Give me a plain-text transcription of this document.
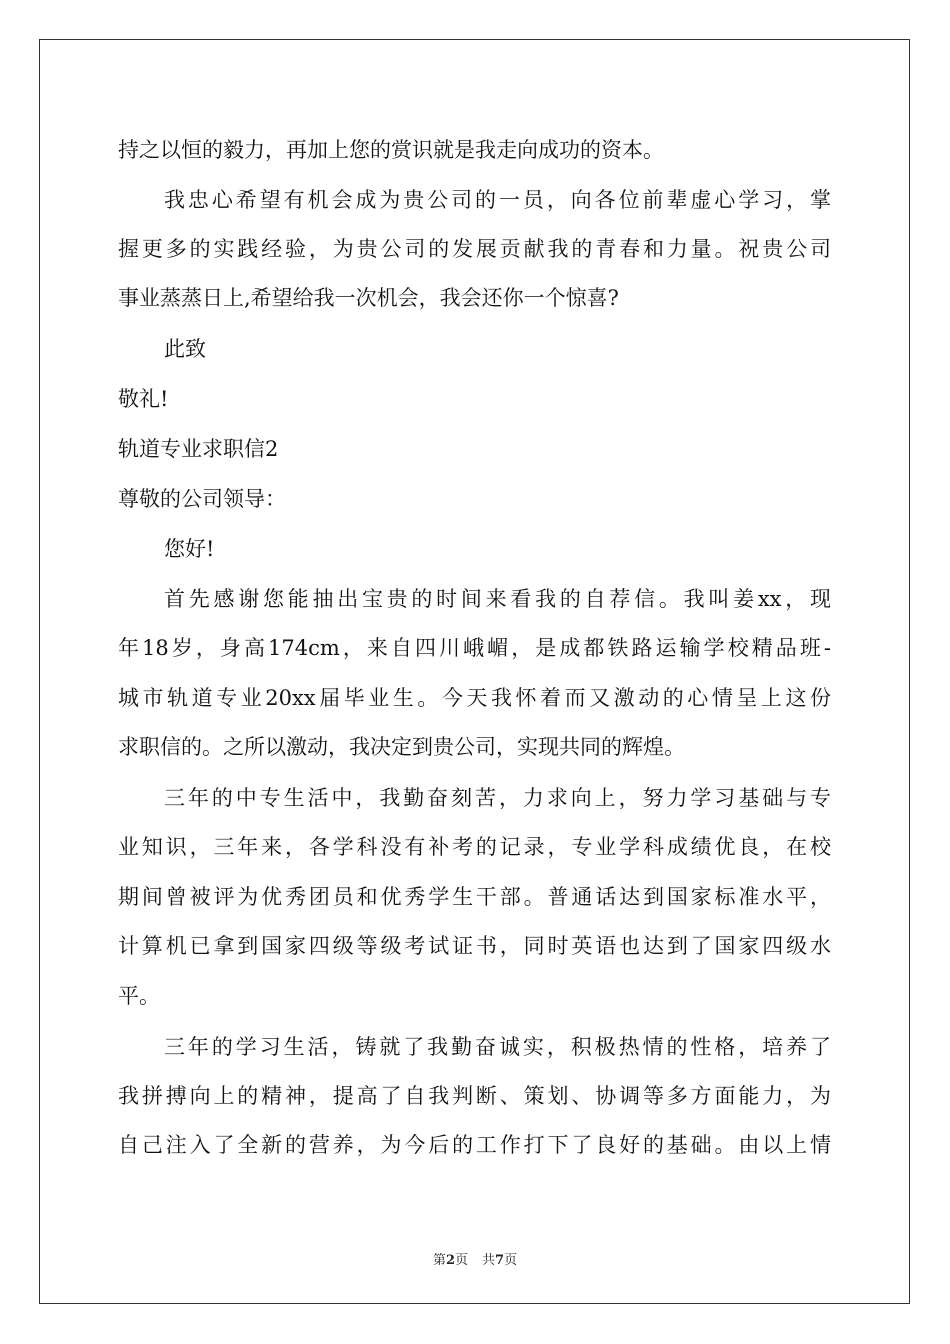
持之以恒的毅力，再加上您的赏识就是我走向成功的资本。
我忠心希望有机会成为贵公司的一员，向各位前辈虚心学习，掌
握更多的实践经验，为贵公司的发展贡献我的青春和力量。祝贵公司
事业蒸蒸日上,希望给我一次机会，我会还你一个惊喜?
此致
敬礼!
轨道专业求职信2
尊敬的公司领导：
您好!
首先感谢您能抽出宝贵的时间来看我的自荐信。我叫姜xx，现
年18岁，身高174cm，来自四川峨嵋，是成都铁路运输学校精品班-
城市轨道专业20xx届毕业生。今天我怀着而又激动的心情呈上这份
求职信的。之所以激动，我决定到贵公司，实现共同的辉煌。
三年的中专生活中，我勤奋刻苦，力求向上，努力学习基础与专
业知识，三年来，各学科没有补考的记录，专业学科成绩优良，在校
期间曾被评为优秀团员和优秀学生干部。普通话达到国家标准水平，
计算机已拿到国家四级等级考试证书，同时英语也达到了国家四级水
平。
三年的学习生活，铸就了我勤奋诚实，积极热情的性格，培养了
我拼搏向上的精神，提高了自我判断、策划、协调等多方面能力，为
自己注入了全新的营养，为今后的工作打下了良好的基础。由以上情
第2页 共7页
